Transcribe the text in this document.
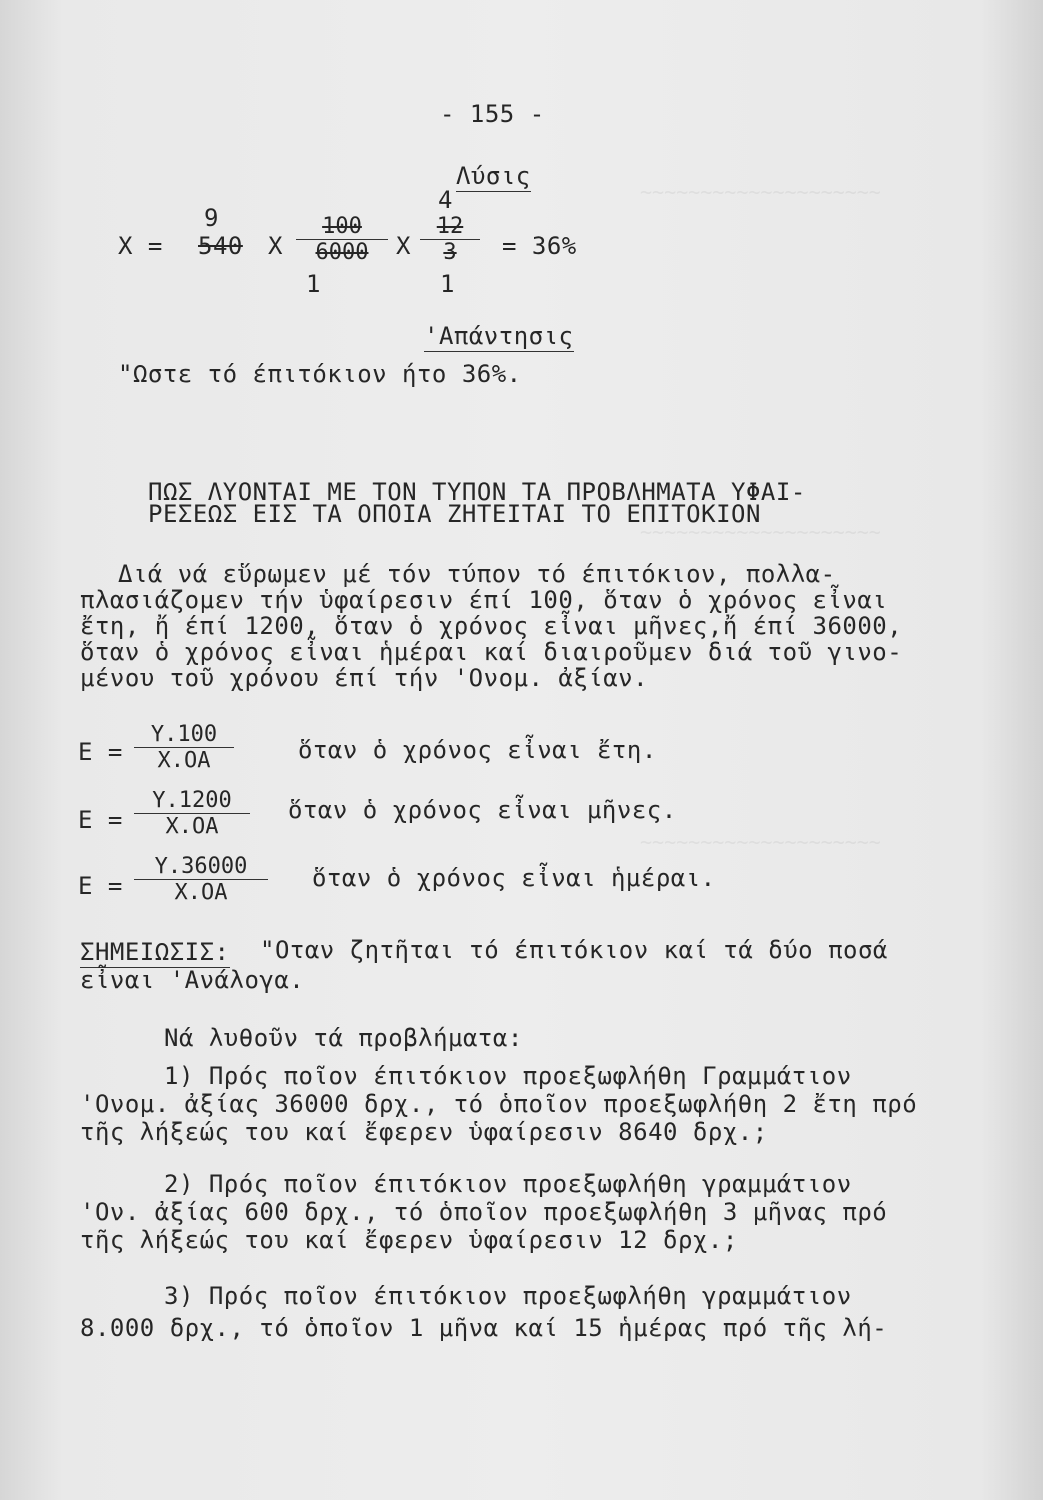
~~~~~~~~~~~~~~~~~~~~
~~~~~~~~~~~~~~~~~~~~
~~~~~~~~~~~~~~~~~~~~
- 155 -
Λύσις
Χ =
9
540 Χ $\frac{100}{6000}$
1
Χ
4
$\frac{12}{3}$
1
= 36%
'Απάντησις
"Ωστε τό έπιτόκιον ήτο 36%.
ΠΩΣ ΛΥΟΝΤΑΙ ΜΕ ΤΟΝ ΤΥΠΟΝ ΤΑ ΠΡΟΒΛΗΜΑΤΑ ΥΦΑΙ-
ΡΕΣΕΩΣ ΕΙΣ ΤΑ ΟΠΟΙΑ ΖΗΤΕΙΤΑΙ ΤΟ ΕΠΙΤΟΚΙΟΝ
Διά νά εὕρωμεν μέ τόν τύπον τό έπιτόκιον, πολλα-
πλασιάζομεν τήν ὑφαίρεσιν έπί 100, ὅταν ὁ χρόνος εἶναι
ἔτη, ἤ έπί 1200, ὅταν ὁ χρόνος εἶναι μῆνες,ἤ έπί 36000,
ὅταν ὁ χρόνος εἶναι ἡμέραι καί διαιροῦμεν διά τοῦ γινο-
μένου τοῦ χρόνου έπί τήν 'Ονομ. ἀξίαν.
$E = \frac{\Upsilon.100}{X.OA}$	ὅταν ὁ χρόνος εἶναι ἔτη.
$E = \frac{\Upsilon.1200}{X.OA}$ ὅταν ὁ χρόνος εἶναι μῆνες.
$E = \frac{\Upsilon.36000}{X.OA}$ ὅταν ὁ χρόνος εἶναι ἡμέραι.
ΣΗΜΕΙΩΣΙΣ: "Οταν ζητῆται τό έπιτόκιον καί τά δύο ποσά
εἶναι 'Ανάλογα.
Νά λυθοῦν τά προβλήματα:
1) Πρός ποῖον έπιτόκιον προεξωφλήθη Γραμμάτιον
'Ονομ. ἀξίας 36000 δρχ., τό ὁποῖον προεξωφλήθη 2 ἔτη πρό
τῆς λήξεώς του καί ἔφερεν ὑφαίρεσιν 8640 δρχ.;
2) Πρός ποῖον έπιτόκιον προεξωφλήθη γραμμάτιον
'Ον. ἀξίας 600 δρχ., τό ὁποῖον προεξωφλήθη 3 μῆνας πρό
τῆς λήξεώς του καί ἔφερεν ὑφαίρεσιν 12 δρχ.;
3) Πρός ποῖον έπιτόκιον προεξωφλήθη γραμμάτιον
8.000 δρχ., τό ὁποῖον 1 μῆνα καί 15 ἡμέρας πρό τῆς λή-
